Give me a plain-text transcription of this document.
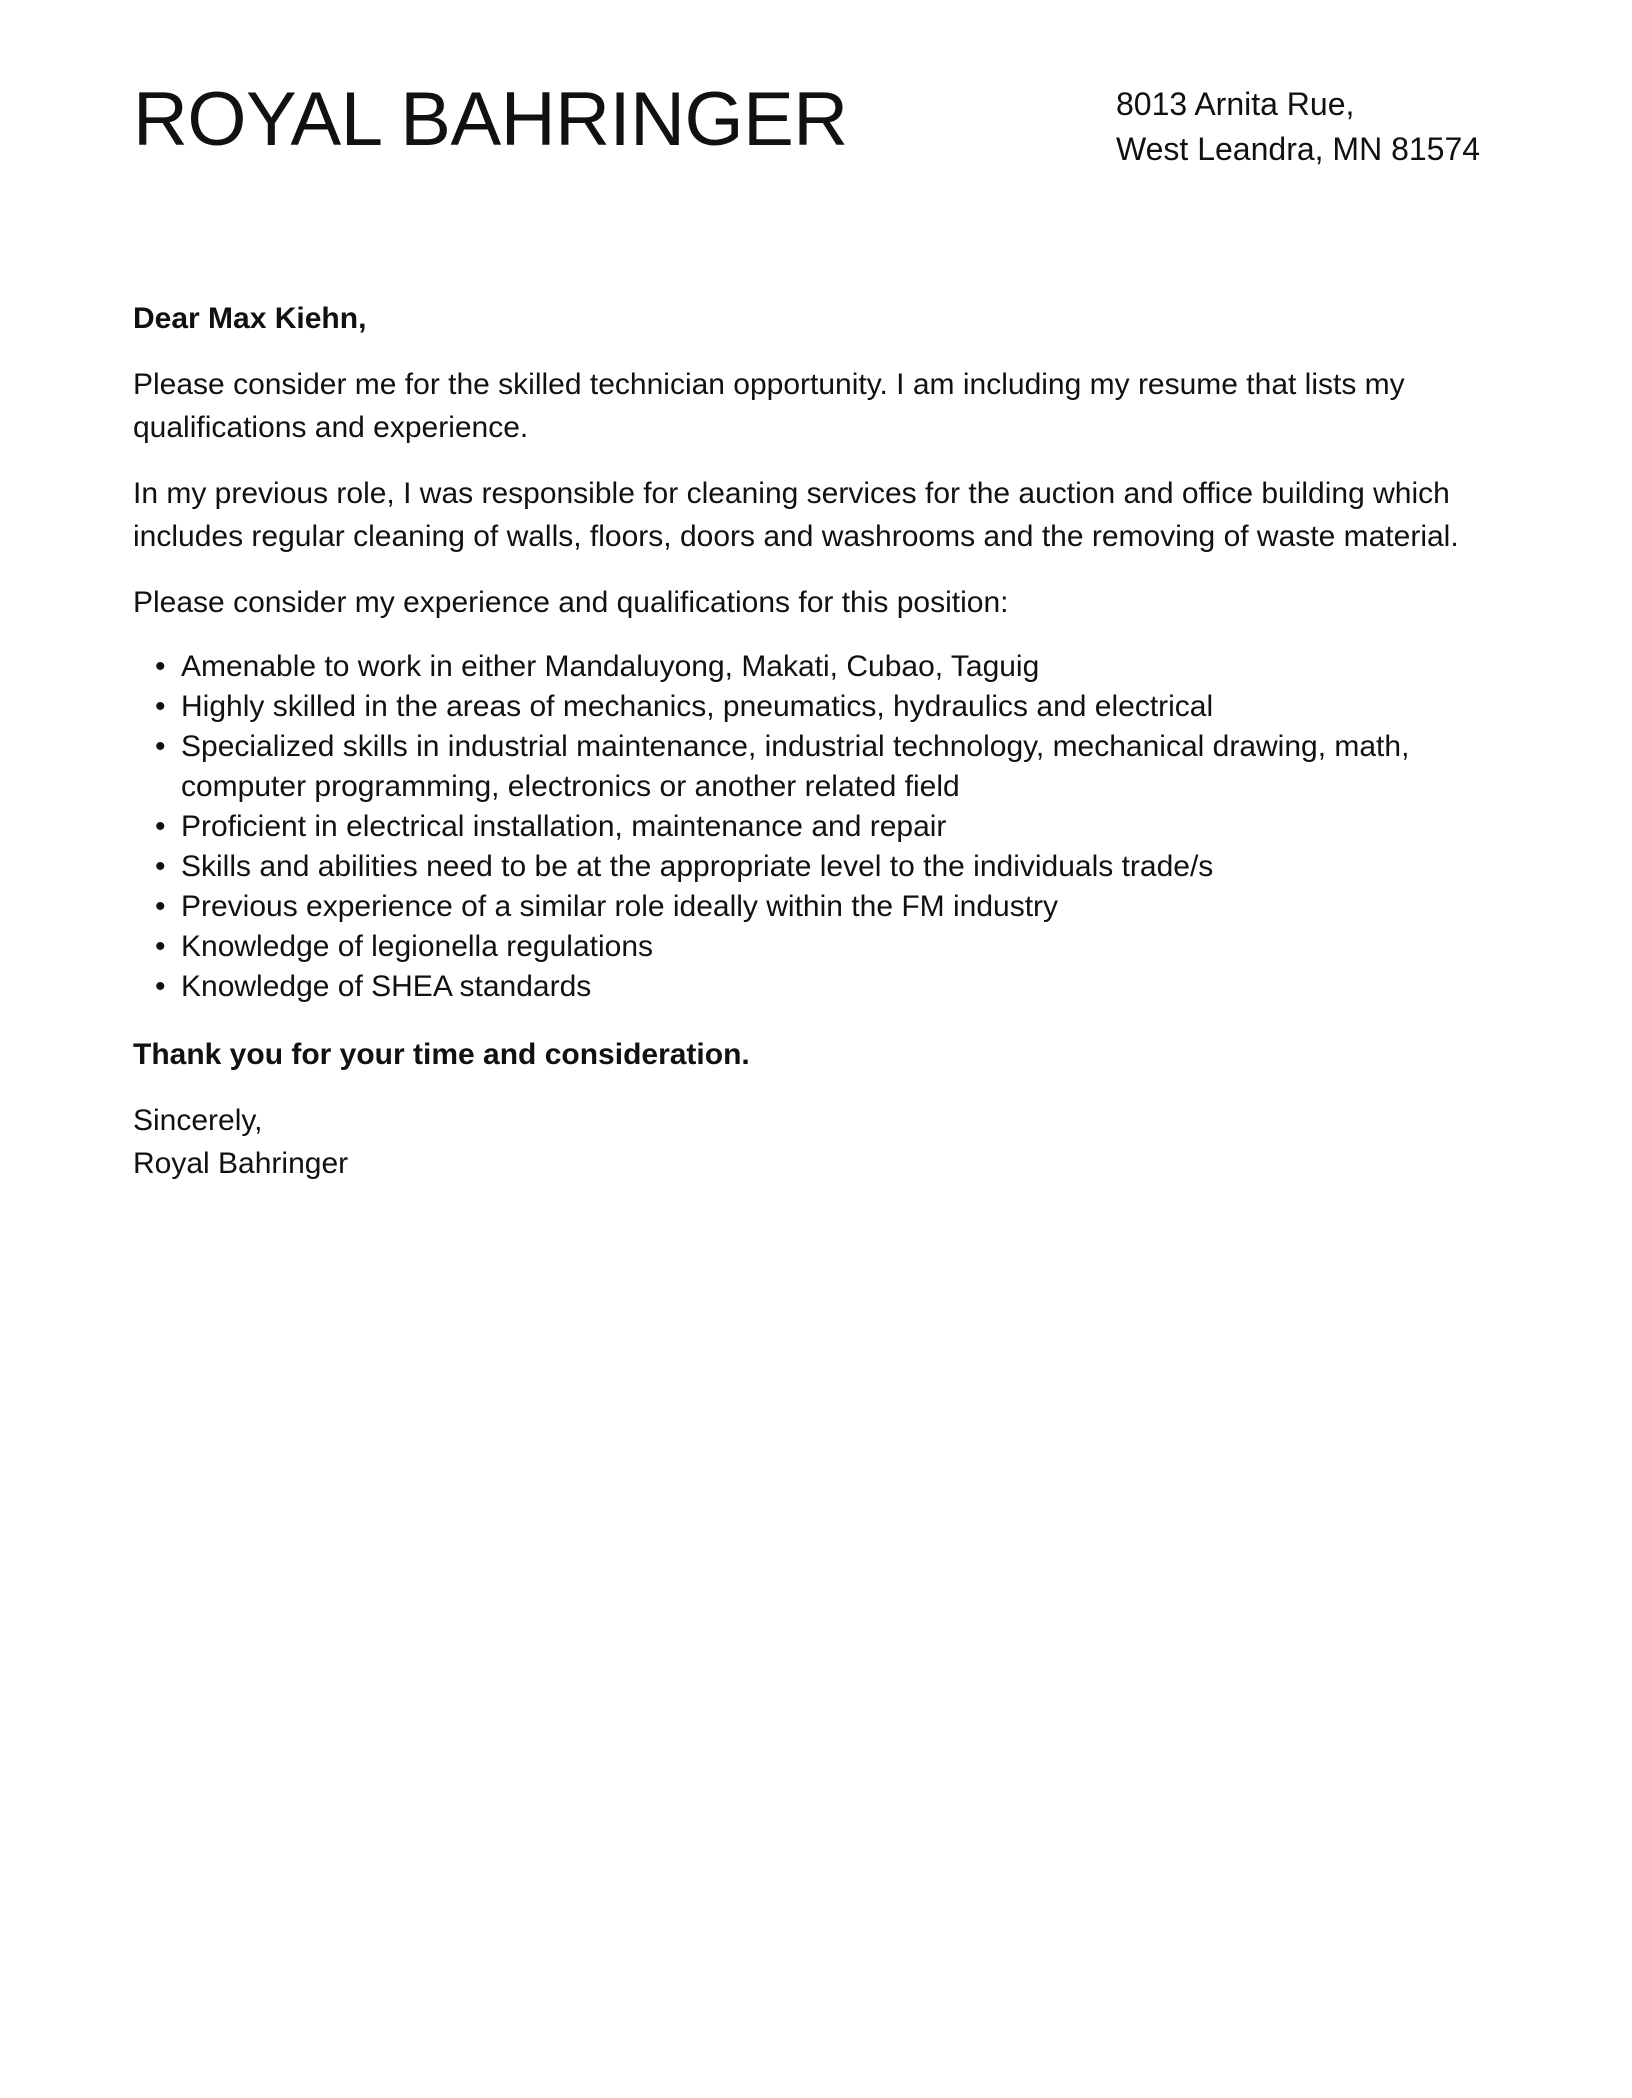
ROYAL BAHRINGER	8013 Arnita Rue,
West Leandra, MN 81574

Dear Max Kiehn,

Please consider me for the skilled technician opportunity. I am including my resume that lists my qualifications and experience.

In my previous role, I was responsible for cleaning services for the auction and office building which includes regular cleaning of walls, floors, doors and washrooms and the removing of waste material.

Please consider my experience and qualifications for this position:

• Amenable to work in either Mandaluyong, Makati, Cubao, Taguig
• Highly skilled in the areas of mechanics, pneumatics, hydraulics and electrical
• Specialized skills in industrial maintenance, industrial technology, mechanical drawing, math, computer programming, electronics or another related field
• Proficient in electrical installation, maintenance and repair
• Skills and abilities need to be at the appropriate level to the individuals trade/s
• Previous experience of a similar role ideally within the FM industry
• Knowledge of legionella regulations
• Knowledge of SHEA standards

Thank you for your time and consideration.

Sincerely,
Royal Bahringer
